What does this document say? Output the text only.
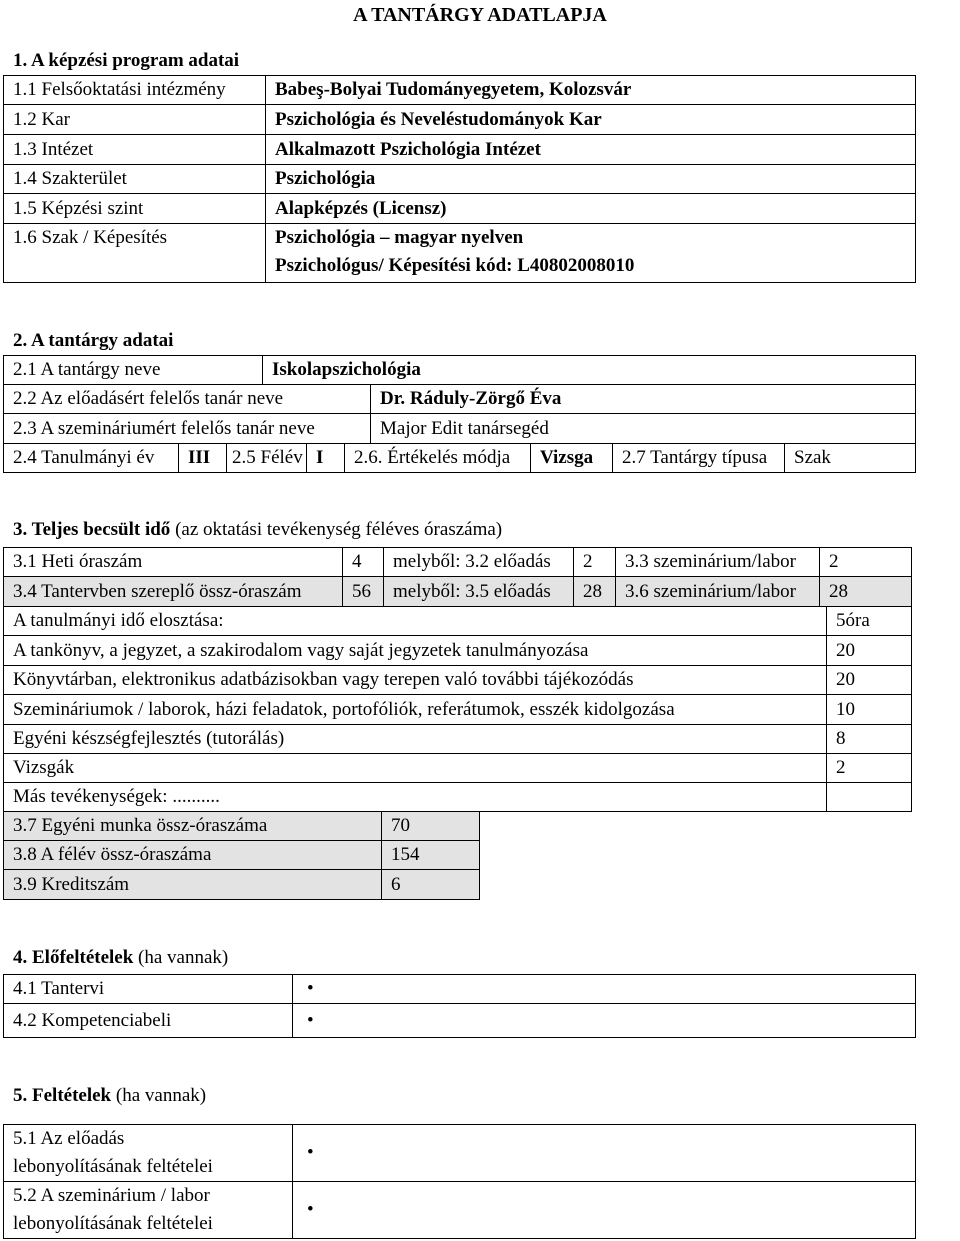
A TANTÁRGY ADATLAPJA
1. A képzési program adatai
1.1 Felsőoktatási intézmény	Babeş-Bolyai Tudományegyetem, Kolozsvár
1.2 Kar	Pszichológia és Neveléstudományok Kar
1.3 Intézet	Alkalmazott Pszichológia Intézet
1.4 Szakterület	Pszichológia
1.5 Képzési szint	Alapképzés (Licensz)
1.6 Szak / Képesítés	Pszichológia – magyar nyelven
Pszichológus/ Képesítési kód: L40802008010
2. A tantárgy adatai
2.1 A tantárgy neve	Iskolapszichológia
2.2 Az előadásért felelős tanár neve	Dr. Ráduly-Zörgő Éva
2.3 A szemináriumért felelős tanár neve	Major Edit tanársegéd
2.4 Tanulmányi év	III	2.5 Félév	I	2.6. Értékelés módja	Vizsga	2.7 Tantárgy típusa	Szak
3. Teljes becsült idő (az oktatási tevékenység féléves óraszáma)
3.1 Heti óraszám	4	melyből: 3.2 előadás	2	3.3 szeminárium/labor	2
3.4 Tantervben szereplő össz-óraszám	56	melyből: 3.5 előadás	28	3.6 szeminárium/labor	28
A tanulmányi idő elosztása:	5óra
A tankönyv, a jegyzet, a szakirodalom vagy saját jegyzetek tanulmányozása	20
Könyvtárban, elektronikus adatbázisokban vagy terepen való további tájékozódás	20
Szemináriumok / laborok, házi feladatok, portofóliók, referátumok, esszék kidolgozása	10
Egyéni készségfejlesztés (tutorálás)	8
Vizsgák	2
Más tevékenységek: ..........	
3.7 Egyéni munka össz-óraszáma	70
3.8 A félév össz-óraszáma	154
3.9 Kreditszám	6
4. Előfeltételek (ha vannak)
4.1 Tantervi	•
4.2 Kompetenciabeli	•
5. Feltételek (ha vannak)
5.1 Az előadás
lebonyolításának feltételei	•

5.2 A szeminárium / labor
lebonyolításának feltételei	•
